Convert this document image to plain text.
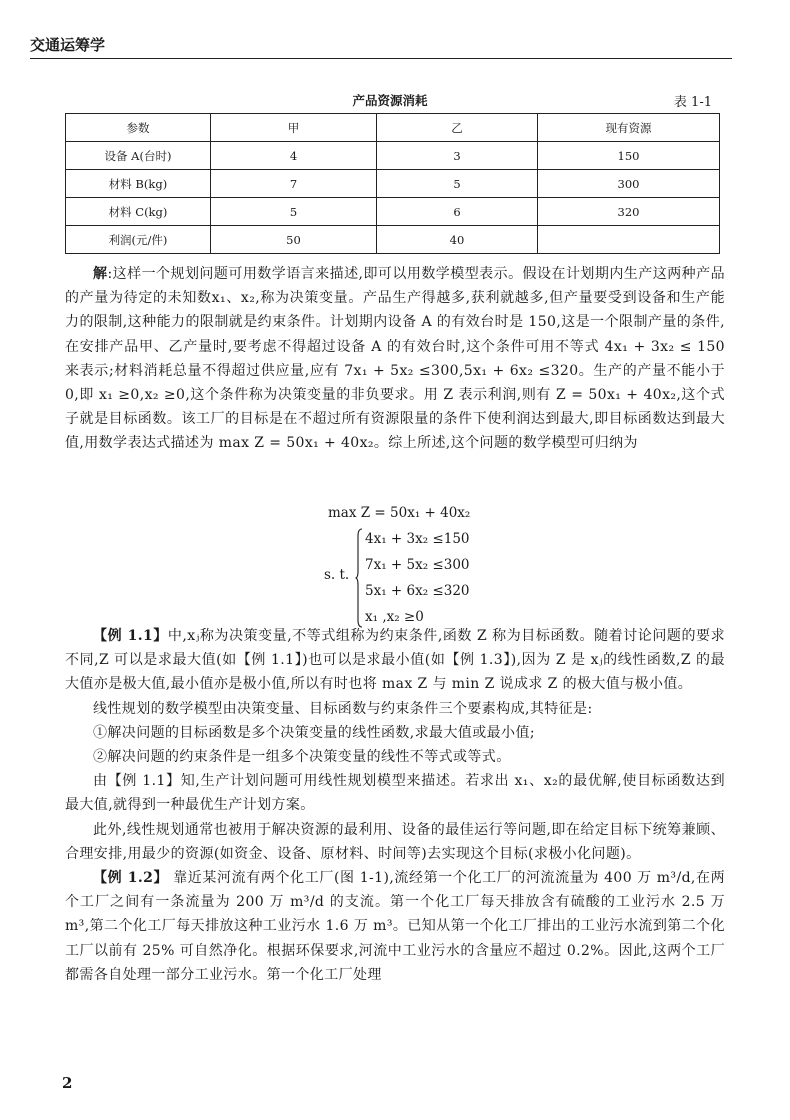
交通运筹学
产品资源消耗	表 1-1
参数	甲	乙	现有资源
设备 A(台时)	4	3	150
材料 B(kg)	7	5	300
材料 C(kg)	5	6	320
利润(元/件)	50	40	

解:这样一个规划问题可用数学语言来描述,即可以用数学模型表示。假设在计划期内生产这两种产品的产量为待定的未知数x₁、x₂,称为决策变量。产品生产得越多,获利就越多,但产量要受到设备和生产能力的限制,这种能力的限制就是约束条件。计划期内设备 A 的有效台时是 150,这是一个限制产量的条件,在安排产品甲、乙产量时,要考虑不得超过设备 A 的有效台时,这个条件可用不等式 4x₁ + 3x₂ ≤ 150 来表示;材料消耗总量不得超过供应量,应有 7x₁ + 5x₂ ≤300,5x₁ + 6x₂ ≤320。生产的产量不能小于 0,即 x₁ ≥0,x₂ ≥0,这个条件称为决策变量的非负要求。用 Z 表示利润,则有 Z = 50x₁ + 40x₂,这个式子就是目标函数。该工厂的目标是在不超过所有资源限量的条件下使利润达到最大,即目标函数达到最大值,用数学表达式描述为 max Z = 50x₁ + 40x₂。综上所述,这个问题的数学模型可归纳为

max Z = 50x₁ + 40x₂
s. t.
4x₁ + 3x₂ ≤150
7x₁ + 5x₂ ≤300
5x₁ + 6x₂ ≤320
x₁ ,x₂ ≥0

【例 1.1】中,xⱼ称为决策变量,不等式组称为约束条件,函数 Z 称为目标函数。随着讨论问题的要求不同,Z 可以是求最大值(如【例 1.1】)也可以是求最小值(如【例 1.3】),因为 Z 是 xⱼ的线性函数,Z 的最大值亦是极大值,最小值亦是极小值,所以有时也将 max Z 与 min Z 说成求 Z 的极大值与极小值。

线性规划的数学模型由决策变量、目标函数与约束条件三个要素构成,其特征是:

①解决问题的目标函数是多个决策变量的线性函数,求最大值或最小值;

②解决问题的约束条件是一组多个决策变量的线性不等式或等式。

由【例 1.1】知,生产计划问题可用线性规划模型来描述。若求出 x₁、x₂的最优解,使目标函数达到最大值,就得到一种最优生产计划方案。

此外,线性规划通常也被用于解决资源的最利用、设备的最佳运行等问题,即在给定目标下统筹兼顾、合理安排,用最少的资源(如资金、设备、原材料、时间等)去实现这个目标(求极小化问题)。

【例 1.2】 靠近某河流有两个化工厂(图 1-1),流经第一个化工厂的河流流量为 400 万 m³/d,在两个工厂之间有一条流量为 200 万 m³/d 的支流。第一个化工厂每天排放含有硫酸的工业污水 2.5 万 m³,第二个化工厂每天排放这种工业污水 1.6 万 m³。已知从第一个化工厂排出的工业污水流到第二个化工厂以前有 25% 可自然净化。根据环保要求,河流中工业污水的含量应不超过 0.2%。因此,这两个工厂都需各自处理一部分工业污水。第一个化工厂处理

2
